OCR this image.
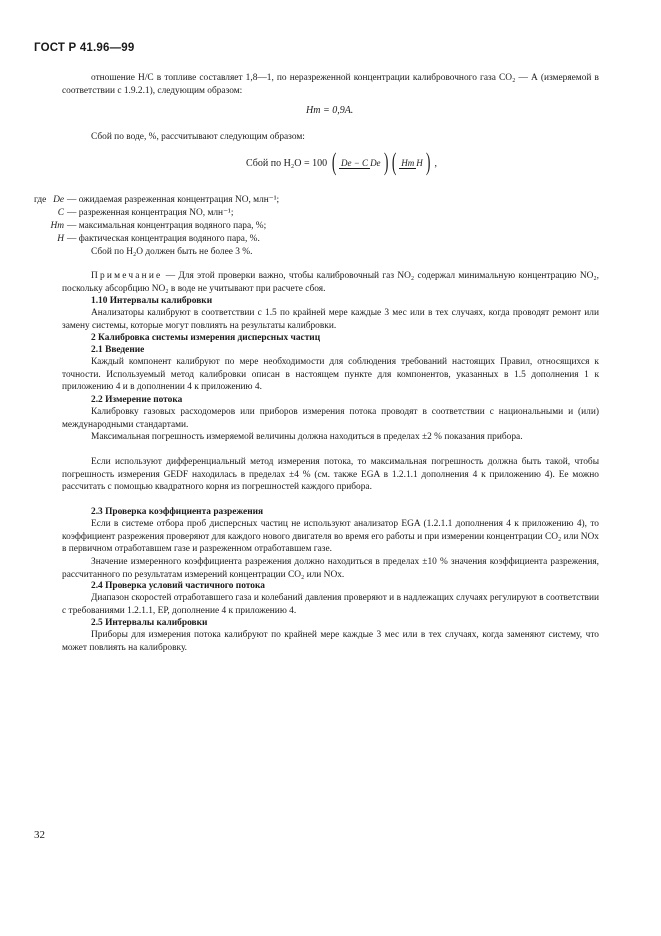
ГОСТ Р 41.96—99
отношение Н/С в топливе составляет 1,8—1, по неразреженной концентрации калибровочного газа CO₂ — А (измеряемой в соответствии с 1.9.2.1), следующим образом:
Нm = 0,9А.
Сбой по воде, %, рассчитывают следующим образом:
Сбой по H₂O = 100 ( De − C De ) ( Hm H ) ,
где De — ожидаемая разреженная концентрация NO, млн⁻¹;
C — разреженная концентрация NO, млн⁻¹;
Hm — максимальная концентрация водяного пара, %;
H — фактическая концентрация водяного пара, %.
Сбой по H₂O должен быть не более 3 %.
Примечание — Для этой проверки важно, чтобы калибровочный газ NO₂ содержал минимальную концентрацию NO₂, поскольку абсорбцию NO₂ в воде не учитывают при расчете сбоя.
1.10 Интервалы калибровки
Анализаторы калибруют в соответствии с 1.5 по крайней мере каждые 3 мес или в тех случаях, когда проводят ремонт или замену системы, которые могут повлиять на результаты калибровки.
2 Калибровка системы измерения дисперсных частиц
2.1 Введение
Каждый компонент калибруют по мере необходимости для соблюдения требований настоящих Правил, относящихся к точности. Используемый метод калибровки описан в настоящем пункте для компонентов, указанных в 1.5 дополнения 1 к приложению 4 и в дополнении 4 к приложению 4.
2.2 Измерение потока
Калибровку газовых расходомеров или приборов измерения потока проводят в соответствии с национальными и (или) международными стандартами.
Максимальная погрешность измеряемой величины должна находиться в пределах ±2 % показания прибора.
Если используют дифференциальный метод измерения потока, то максимальная погрешность должна быть такой, чтобы погрешность измерения GEDF находилась в пределах ±4 % (см. также EGA в 1.2.1.1 дополнения 4 к приложению 4). Ее можно рассчитать с помощью квадратного корня из погрешностей каждого прибора.
2.3 Проверка коэффициента разрежения
Если в системе отбора проб дисперсных частиц не используют анализатор EGA (1.2.1.1 дополнения 4 к приложению 4), то коэффициент разрежения проверяют для каждого нового двигателя во время его работы и при измерении концентрации CO₂ или NOx в первичном отработавшем газе и разреженном отработавшем газе.
Значение измеренного коэффициента разрежения должно находиться в пределах ±10 % значения коэффициента разрежения, рассчитанного по результатам измерений концентрации CO₂ или NOx.
2.4 Проверка условий частичного потока
Диапазон скоростей отработавшего газа и колебаний давления проверяют и в надлежащих случаях регулируют в соответствии с требованиями 1.2.1.1, ЕР, дополнение 4 к приложению 4.
2.5 Интервалы калибровки
Приборы для измерения потока калибруют по крайней мере каждые 3 мес или в тех случаях, когда заменяют систему, что может повлиять на калибровку.
32
